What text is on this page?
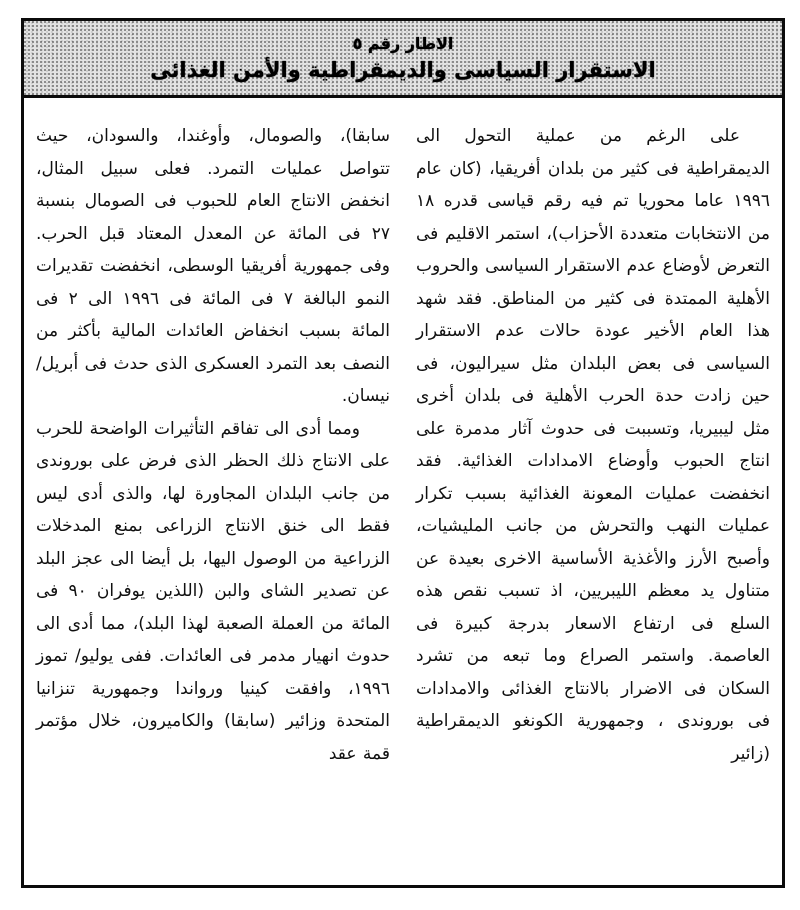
الاطار رقم ٥
الاستقرار السياسى والديمقراطية والأمن الغذائى

على الرغم من عملية التحول الى الديمقراطية فى كثير من بلدان أفريقيا، (كان عام ١٩٩٦ عاما محوريا تم فيه رقم قياسى قدره ١٨ من الانتخابات متعددة الأحزاب)، استمر الاقليم فى التعرض لأوضاع عدم الاستقرار السياسى والحروب الأهلية الممتدة فى كثير من المناطق. فقد شهد هذا العام الأخير عودة حالات عدم الاستقرار السياسى فى بعض البلدان مثل سيراليون، فى حين زادت حدة الحرب الأهلية فى بلدان أخرى مثل ليبيريا، وتسببت فى حدوث آثار مدمرة على انتاج الحبوب وأوضاع الامدادات الغذائية. فقد انخفضت عمليات المعونة الغذائية بسبب تكرار عمليات النهب والتحرش من جانب المليشيات، وأصبح الأرز والأغذية الأساسية الاخرى بعيدة عن متناول يد معظم الليبريين، اذ تسبب نقص هذه السلع فى ارتفاع الاسعار بدرجة كبيرة فى العاصمة. واستمر الصراع وما تبعه من تشرد السكان فى الاضرار بالانتاج الغذائى والامدادات فى بوروندى ، وجمهورية الكونغو الديمقراطية (زائير

سابقا)، والصومال، وأوغندا، والسودان، حيث تتواصل عمليات التمرد. فعلى سبيل المثال، انخفض الانتاج العام للحبوب فى الصومال بنسبة ٢٧ فى المائة عن المعدل المعتاد قبل الحرب. وفى جمهورية أفريقيا الوسطى، انخفضت تقديرات النمو البالغة ٧ فى المائة فى ١٩٩٦ الى ٢ فى المائة بسبب انخفاض العائدات المالية بأكثر من النصف بعد التمرد العسكرى الذى حدث فى أبريل/ نيسان.

ومما أدى الى تفاقم التأثيرات الواضحة للحرب على الانتاج ذلك الحظر الذى فرض على بوروندى من جانب البلدان المجاورة لها، والذى أدى ليس فقط الى خنق الانتاج الزراعى بمنع المدخلات الزراعية من الوصول اليها، بل أيضا الى عجز البلد عن تصدير الشاى والبن (اللذين يوفران ٩٠ فى المائة من العملة الصعبة لهذا البلد)، مما أدى الى حدوث انهيار مدمر فى العائدات. ففى يوليو/ تموز ١٩٩٦، وافقت كينيا ورواندا وجمهورية تنزانيا المتحدة وزائير (سابقا) والكاميرون، خلال مؤتمر قمة عقد
